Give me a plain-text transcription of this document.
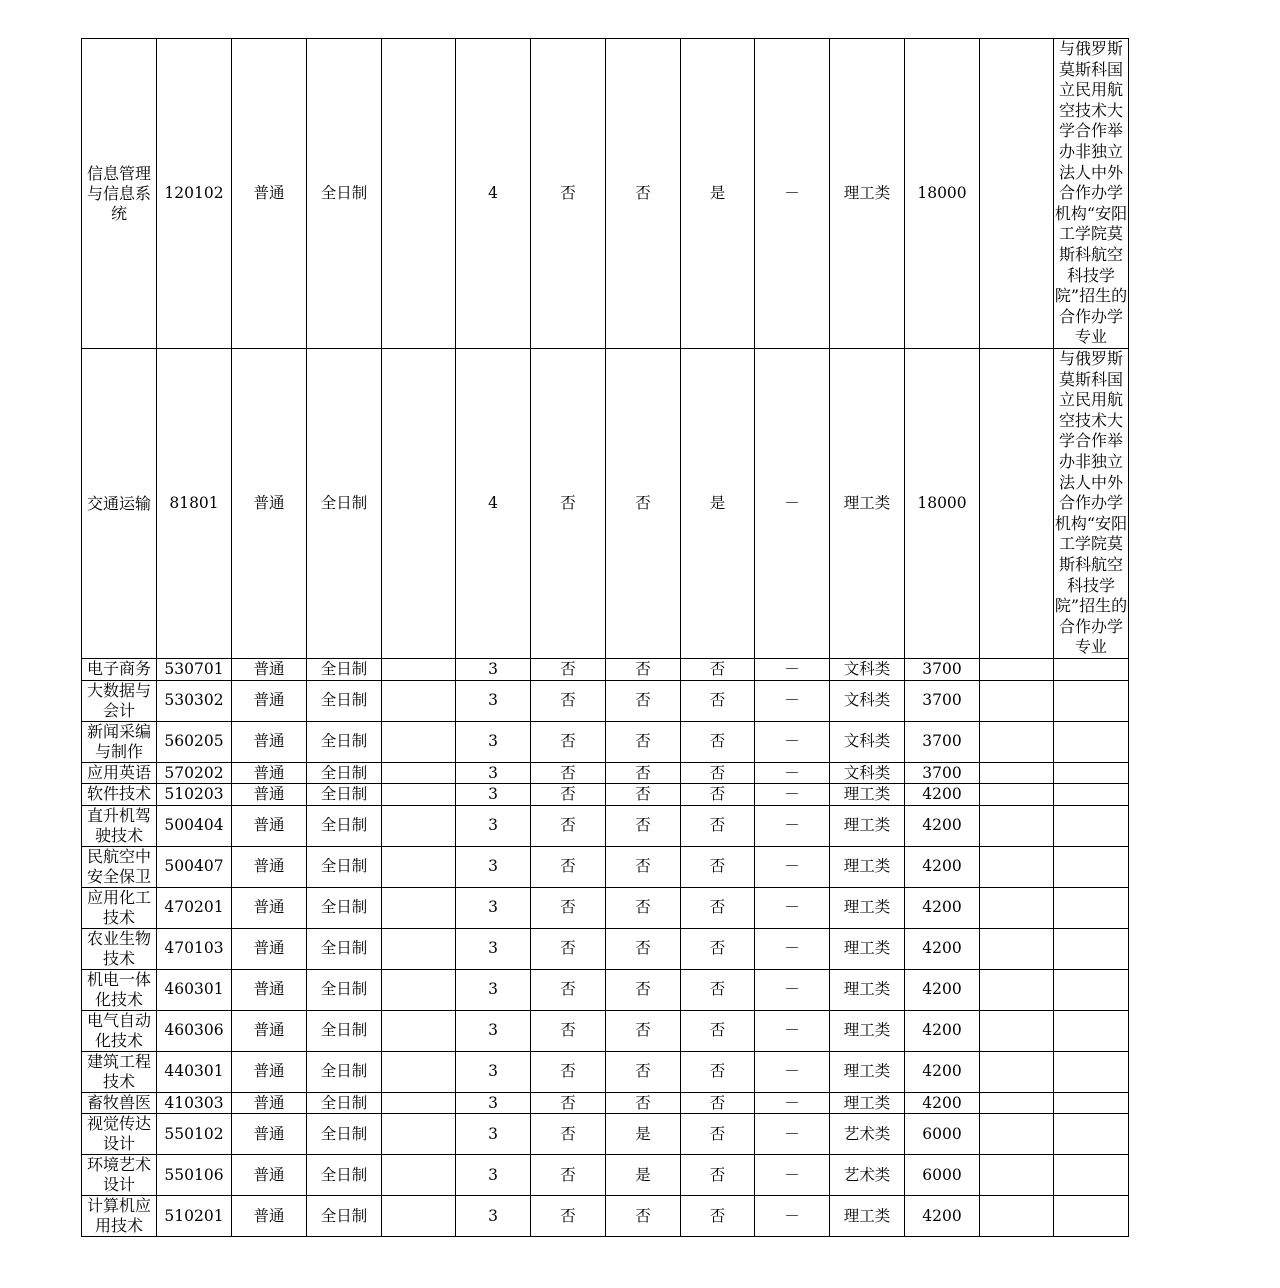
信息管理与信息系统	120102	普通	全日制		4	否	否	是	－	理工类	18000		与俄罗斯莫斯科国立民用航空技术大学合作举办非独立法人中外合作办学机构“安阳工学院莫斯科航空科技学院”招生的合作办学专业
交通运输	81801	普通	全日制		4	否	否	是	－	理工类	18000		与俄罗斯莫斯科国立民用航空技术大学合作举办非独立法人中外合作办学机构“安阳工学院莫斯科航空科技学院”招生的合作办学专业
电子商务	530701	普通	全日制		3	否	否	否	－	文科类	3700		
大数据与会计	530302	普通	全日制		3	否	否	否	－	文科类	3700		
新闻采编与制作	560205	普通	全日制		3	否	否	否	－	文科类	3700		
应用英语	570202	普通	全日制		3	否	否	否	－	文科类	3700		
软件技术	510203	普通	全日制		3	否	否	否	－	理工类	4200		
直升机驾驶技术	500404	普通	全日制		3	否	否	否	－	理工类	4200		
民航空中安全保卫	500407	普通	全日制		3	否	否	否	－	理工类	4200		
应用化工技术	470201	普通	全日制		3	否	否	否	－	理工类	4200		
农业生物技术	470103	普通	全日制		3	否	否	否	－	理工类	4200		
机电一体化技术	460301	普通	全日制		3	否	否	否	－	理工类	4200		
电气自动化技术	460306	普通	全日制		3	否	否	否	－	理工类	4200		
建筑工程技术	440301	普通	全日制		3	否	否	否	－	理工类	4200		
畜牧兽医	410303	普通	全日制		3	否	否	否	－	理工类	4200		
视觉传达设计	550102	普通	全日制		3	否	是	否	－	艺术类	6000		
环境艺术设计	550106	普通	全日制		3	否	是	否	－	艺术类	6000		
计算机应用技术	510201	普通	全日制		3	否	否	否	－	理工类	4200		
